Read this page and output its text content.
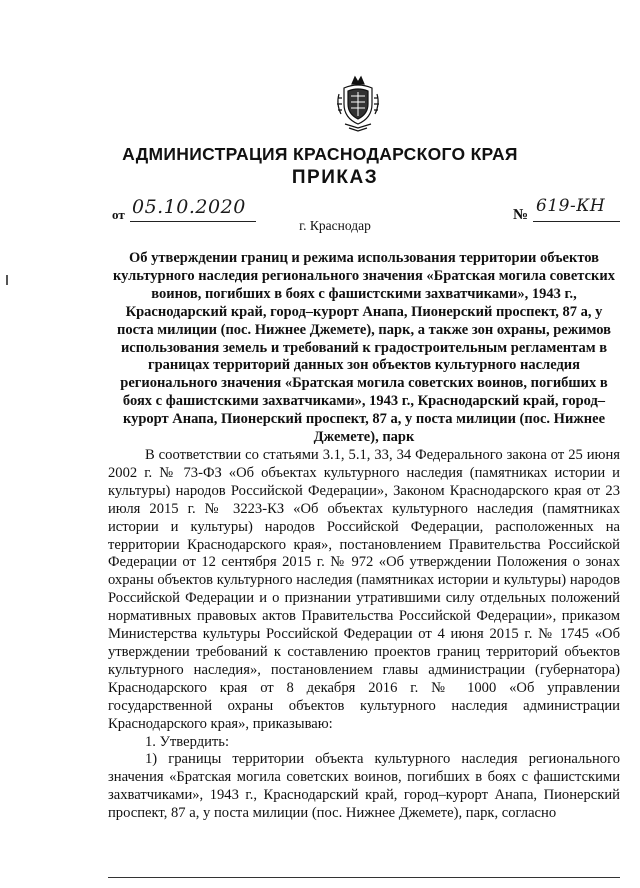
АДМИНИСТРАЦИЯ КРАСНОДАРСКОГО КРАЯ
ПРИКАЗ
от 05.10.2020	№ 619-КН
г. Краснодар
Об утверждении границ и режима использования территории объектов культурного наследия регионального значения «Братская могила советских воинов, погибших в боях с фашистскими захватчиками», 1943 г., Краснодарский край, город–курорт Анапа, Пионерский проспект, 87 а, у поста милиции (пос. Нижнее Джемете), парк, а также зон охраны, режимов использования земель и требований к градостроительным регламентам в границах территорий данных зон объектов культурного наследия регионального значения «Братская могила советских воинов, погибших в боях с фашистскими захватчиками», 1943 г., Краснодарский край, город–курорт Анапа, Пионерский проспект, 87 а, у поста милиции (пос. Нижнее Джемете), парк

В соответствии со статьями 3.1, 5.1, 33, 34 Федерального закона от 25 июня 2002 г. № 73-ФЗ «Об объектах культурного наследия (памятниках истории и культуры) народов Российской Федерации», Законом Краснодарского края от 23 июля 2015 г. № 3223-КЗ «Об объектах культурного наследия (памятниках истории и культуры) народов Российской Федерации, расположенных на территории Краснодарского края», постановлением Правительства Российской Федерации от 12 сентября 2015 г. № 972 «Об утверждении Положения о зонах охраны объектов культурного наследия (памятниках истории и культуры) народов Российской Федерации и о признании утратившими силу отдельных положений нормативных правовых актов Правительства Российской Федерации», приказом Министерства культуры Российской Федерации от 4 июня 2015 г. № 1745 «Об утверждении требований к составлению проектов границ территорий объектов культурного наследия», постановлением главы администрации (губернатора) Краснодарского края от 8 декабря 2016 г. № 1000 «Об управлении государственной охраны объектов культурного наследия администрации Краснодарского края», приказываю:

1. Утвердить:

1) границы территории объекта культурного наследия регионального значения «Братская могила советских воинов, погибших в боях с фашистскими захватчиками», 1943 г., Краснодарский край, город–курорт Анапа, Пионерский проспект, 87 а, у поста милиции (пос. Нижнее Джемете), парк, согласно
